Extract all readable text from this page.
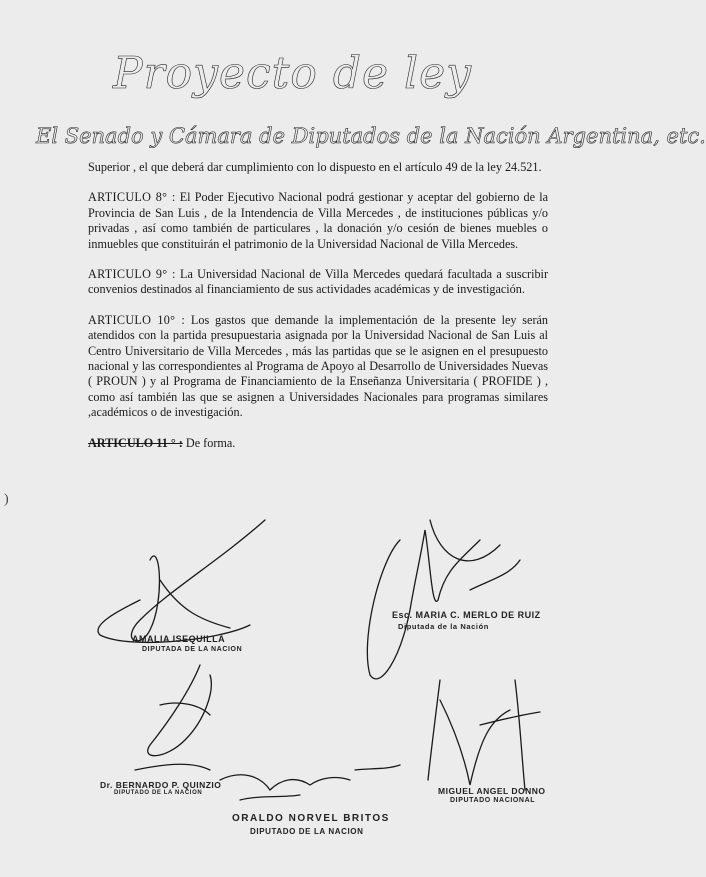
Proyecto de ley
El Senado y Cámara de Diputados de la Nación Argentina, etc.

Superior , el que deberá dar cumplimiento con lo dispuesto en el artículo 49 de la ley 24.521.

ARTICULO 8° : El Poder Ejecutivo Nacional podrá gestionar y aceptar del gobierno de la Provincia de San Luis , de la Intendencia de Villa Mercedes , de instituciones públicas y/o privadas , así como también de particulares , la donación y/o cesión de bienes muebles o inmuebles que constituirán el patrimonio de la Universidad Nacional de Villa Mercedes.

ARTICULO 9° : La Universidad Nacional de Villa Mercedes quedará facultada a suscribir convenios destinados al financiamiento de sus actividades académicas y de investigación.

ARTICULO 10° : Los gastos que demande la implementación de la presente ley serán atendidos con la partida presupuestaria asignada por la Universidad Nacional de San Luis al Centro Universitario de Villa Mercedes , más las partidas que se le asignen en el presupuesto nacional y las correspondientes al Programa de Apoyo al Desarrollo de Universidades Nuevas ( PROUN ) y al Programa de Financiamiento de la Enseñanza Universitaria ( PROFIDE ) , como así también las que se asignen a Universidades Nacionales para programas similares ,académicos o de investigación.

ARTICULO 11 ° : De forma.

)
AMALIA ISEQUILLA
DIPUTADA DE LA NACION
Esc. MARIA C. MERLO DE RUIZ
Diputada de la Nación
Dr. BERNARDO P. QUINZIO
DIPUTADO DE LA NACION	MIGUEL ANGEL DONNO
DIPUTADO NACIONAL
ORALDO NORVEL BRITOS
DIPUTADO DE LA NACION
